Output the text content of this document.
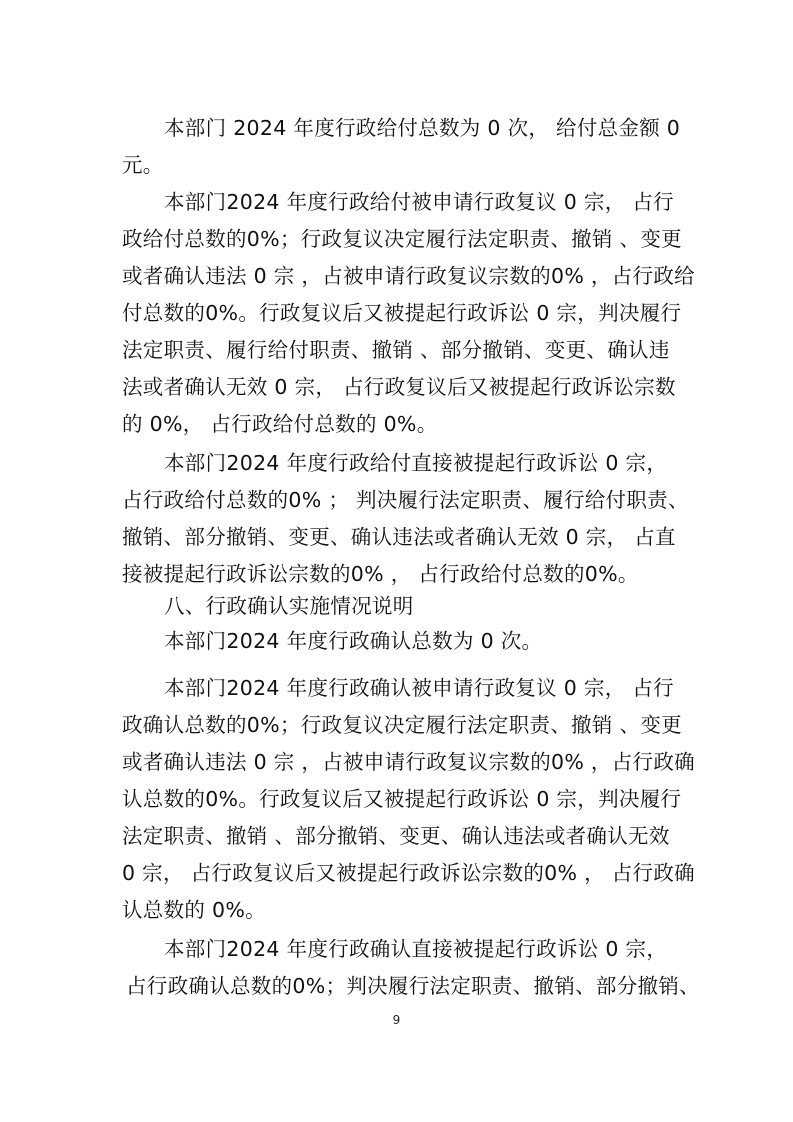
本部门 2024 年度行政给付总数为 0 次， 给付总金额 0
元。
本部门2024 年度行政给付被申请行政复议 0 宗， 占行
政给付总数的0%；行政复议决定履行法定职责、撤销 、变更
或者确认违法 0 宗 ，占被申请行政复议宗数的0% ，占行政给
付总数的0%。行政复议后又被提起行政诉讼 0 宗，判决履行
法定职责、履行给付职责、撤销 、部分撤销、变更、确认违
法或者确认无效 0 宗， 占行政复议后又被提起行政诉讼宗数
的 0%， 占行政给付总数的 0%。
本部门2024 年度行政给付直接被提起行政诉讼 0 宗，
占行政给付总数的0% ； 判决履行法定职责、履行给付职责、
撤销、部分撤销、变更、确认违法或者确认无效 0 宗， 占直
接被提起行政诉讼宗数的0% ， 占行政给付总数的0%。
八、行政确认实施情况说明
本部门2024 年度行政确认总数为 0 次。
本部门2024 年度行政确认被申请行政复议 0 宗， 占行
政确认总数的0%；行政复议决定履行法定职责、撤销 、变更
或者确认违法 0 宗 ，占被申请行政复议宗数的0% ，占行政确
认总数的0%。行政复议后又被提起行政诉讼 0 宗，判决履行
法定职责、撤销 、部分撤销、变更、确认违法或者确认无效
0 宗， 占行政复议后又被提起行政诉讼宗数的0% ， 占行政确
认总数的 0%。
本部门2024 年度行政确认直接被提起行政诉讼 0 宗，
占行政确认总数的0%；判决履行法定职责、撤销、部分撤销、
9
